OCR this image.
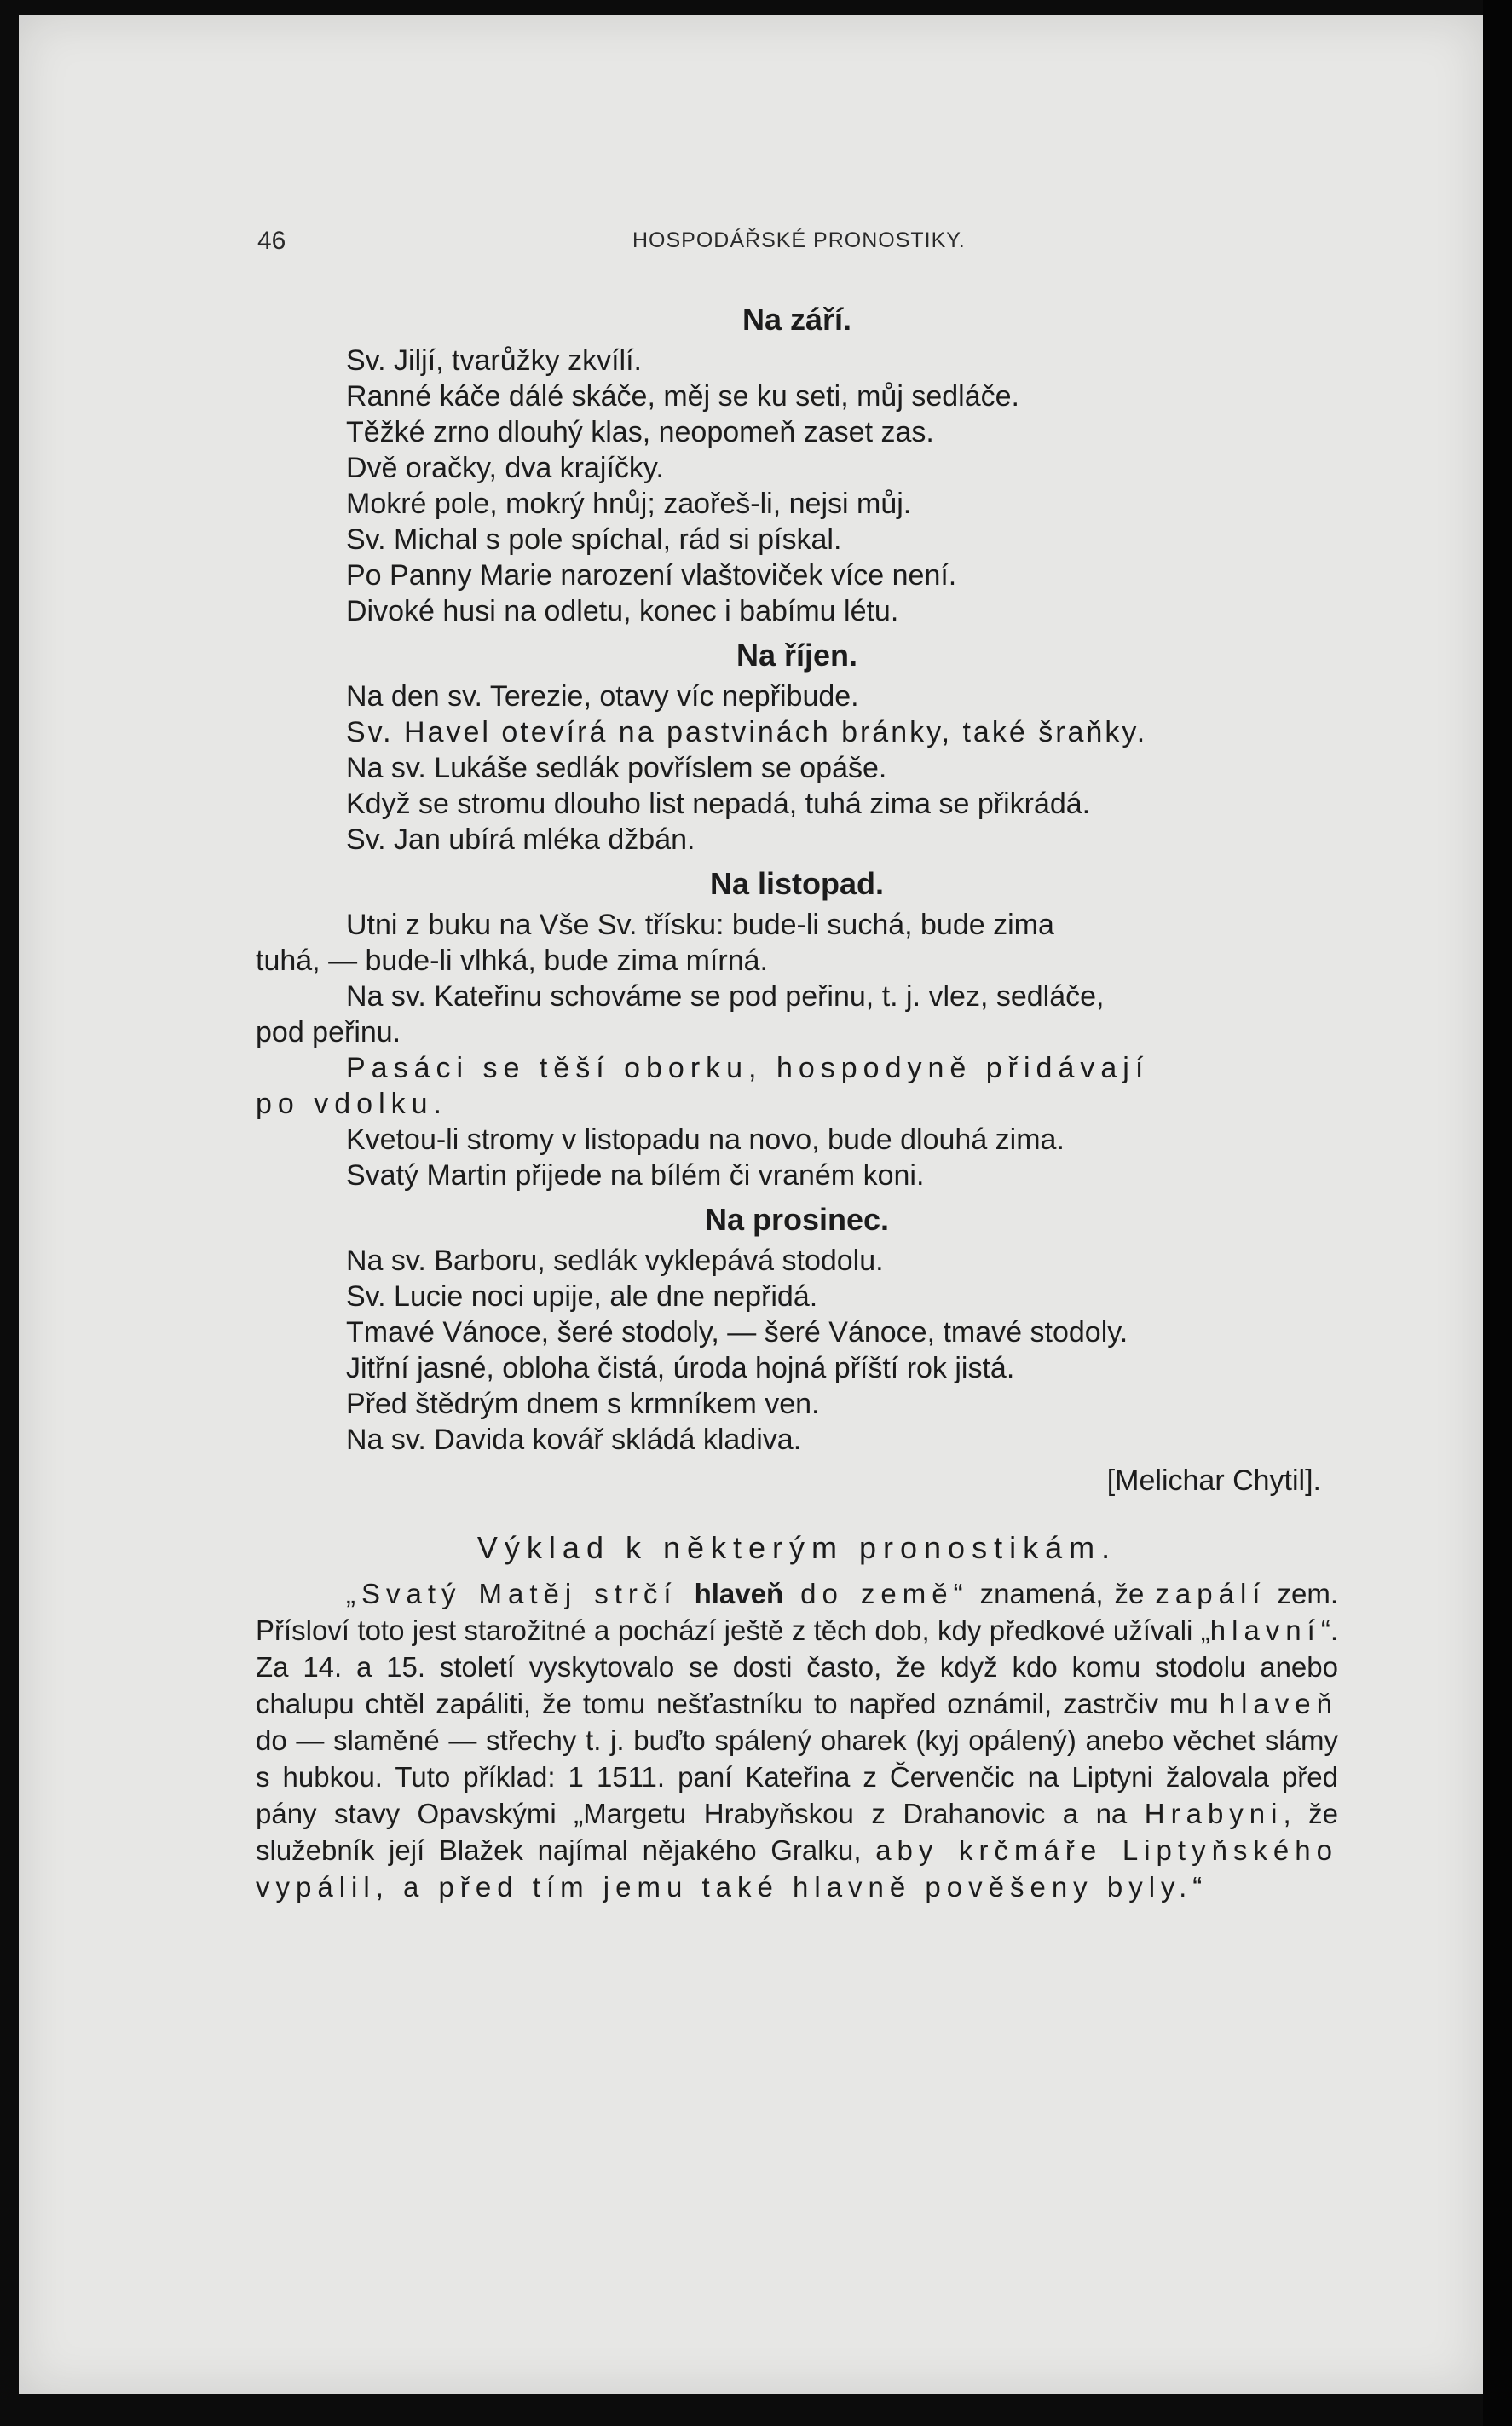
46	HOSPODÁŘSKÉ PRONOSTIKY.
Na září.
Sv. Jiljí, tvarůžky zkvílí.
Ranné káče dálé skáče, měj se ku seti, můj sedláče.
Těžké zrno dlouhý klas, neopomeň zaset zas.
Dvě oračky, dva krajíčky.
Mokré pole, mokrý hnůj; zaořeš-li, nejsi můj.
Sv. Michal s pole spíchal, rád si pískal.
Po Panny Marie narození vlaštoviček více není.
Divoké husi na odletu, konec i babímu létu.
Na říjen.
Na den sv. Terezie, otavy víc nepřibude.
Sv. Havel otevírá na pastvinách bránky, také šraňky.
Na sv. Lukáše sedlák povříslem se opáše.
Když se stromu dlouho list nepadá, tuhá zima se přikrádá.
Sv. Jan ubírá mléka džbán.
Na listopad.
Utni z buku na Vše Sv. třísku: bude-li suchá, bude zima
tuhá, — bude-li vlhká, bude zima mírná.
Na sv. Kateřinu schováme se pod peřinu, t. j. vlez, sedláče,
pod peřinu.
Pasáci se těší oborku, hospodyně přidávají
po vdolku.
Kvetou-li stromy v listopadu na novo, bude dlouhá zima.
Svatý Martin přijede na bílém či vraném koni.
Na prosinec.
Na sv. Barboru, sedlák vyklepává stodolu.
Sv. Lucie noci upije, ale dne nepřidá.
Tmavé Vánoce, šeré stodoly, — šeré Vánoce, tmavé stodoly.
Jitřní jasné, obloha čistá, úroda hojná příští rok jistá.
Před štědrým dnem s krmníkem ven.
Na sv. Davida kovář skládá kladiva.
[Melichar Chytil].
Výklad k některým pronostikám.
„Svatý Matěj strčí hlaveň do země“ znamená, že zapálí zem. Přísloví toto jest starožitné a pochází ještě z těch dob, kdy předkové užívali „hlavní“. Za 14. a 15. století vyskytovalo se dosti často, že když kdo komu stodolu anebo chalupu chtěl zapáliti, že tomu nešťastníku to napřed oznámil, zastrčiv mu hlaveň do — slaměné — střechy t. j. buďto spálený oharek (kyj opálený) anebo věchet slámy s hubkou. Tuto příklad: 1 1511. paní Kateřina z Červenčic na Liptyni žalovala před pány stavy Opavskými „Margetu Hrabyňskou z Drahanovic a na Hrabyni, že služebník její Blažek najímal nějakého Gralku, aby krčmáře Liptyňského vypálil, a před tím jemu také hlavně pověšeny byly.“
